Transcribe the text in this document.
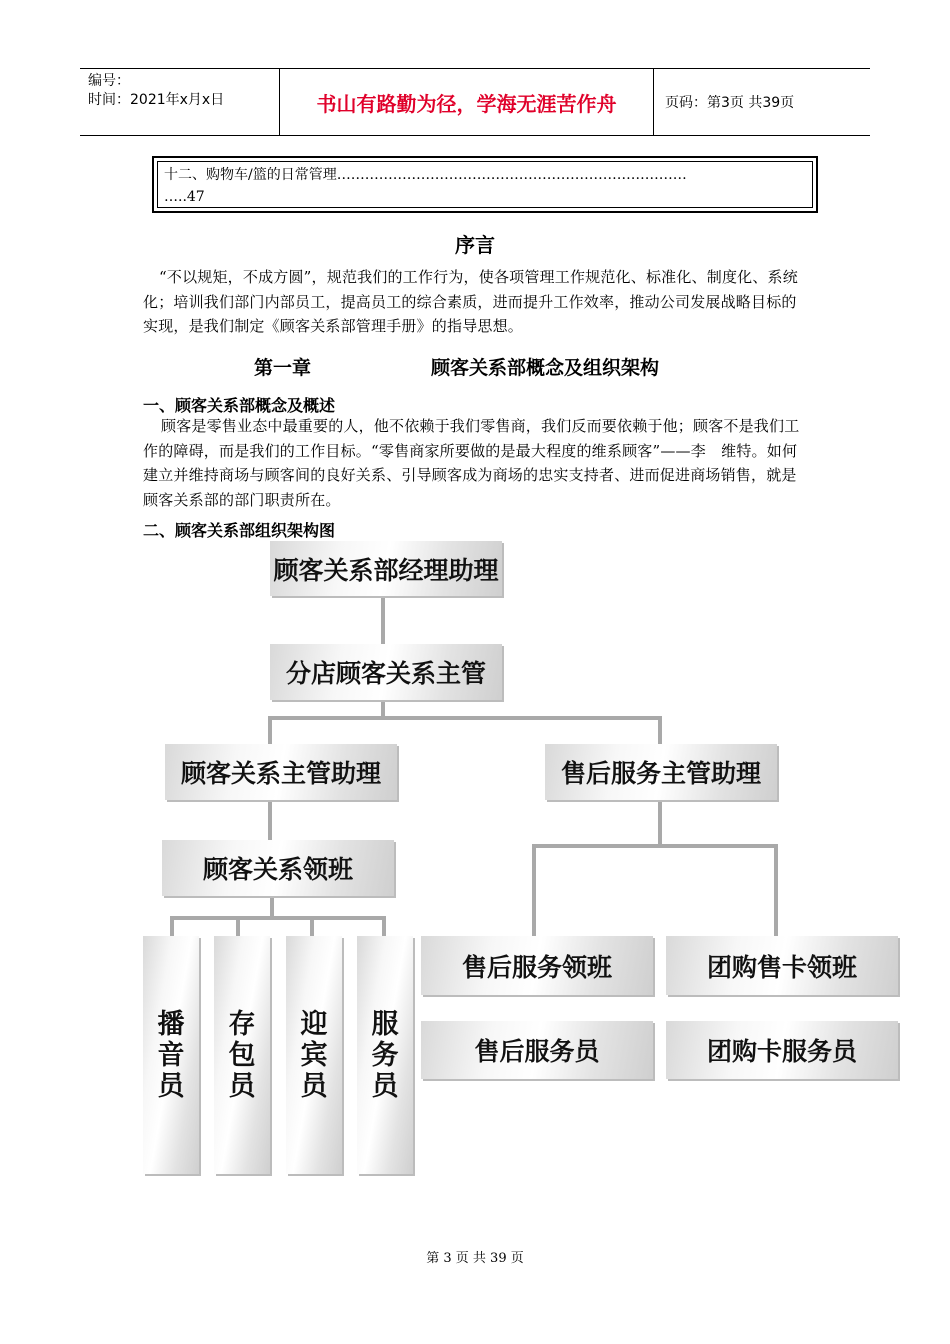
编号：
时间：2021年x月x日	书山有路勤为径，学海无涯苦作舟	页码：第3页 共39页
十二、购物车/篮的日常管理…………………………………………………………………
…..47
序言
“不以规矩，不成方圆”，规范我们的工作行为，使各项管理工作规范化、标准化、制度化、系统化；培训我们部门内部员工，提高员工的综合素质，进而提升工作效率，推动公司发展战略目标的实现，是我们制定《顾客关系部管理手册》的指导思想。
第一章	顾客关系部概念及组织架构
一、顾客关系部概念及概述
顾客是零售业态中最重要的人，他不依赖于我们零售商，我们反而要依赖于他；顾客不是我们工作的障碍，而是我们的工作目标。“零售商家所要做的是最大程度的维系顾客”——李　维特。如何建立并维持商场与顾客间的良好关系、引导顾客成为商场的忠实支持者、进而促进商场销售，就是顾客关系部的部门职责所在。
二、顾客关系部组织架构图
顾客关系部经理助理
分店顾客关系主管
顾客关系主管助理	售后服务主管助理
顾客关系领班
播
音
员
存
包
员
迎
宾
员
服
务
员
售后服务领班	团购售卡领班
售后服务员	团购卡服务员
第 3 页 共 39 页
